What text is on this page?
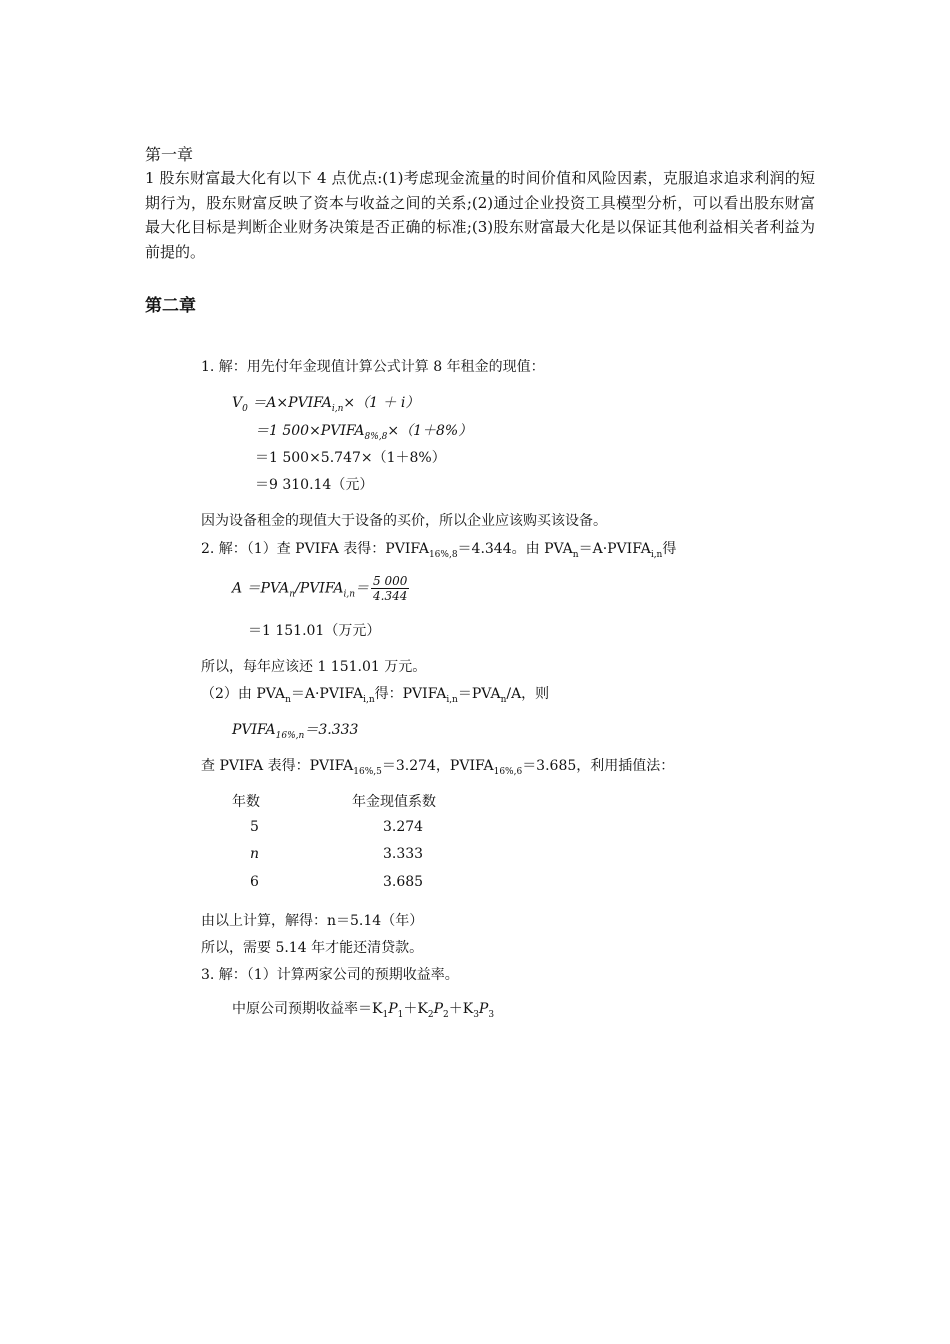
第一章
1 股东财富最大化有以下 4 点优点:(1)考虑现金流量的时间价值和风险因素，克服追求追求利润的短期行为，股东财富反映了资本与收益之间的关系;(2)通过企业投资工具模型分析，可以看出股东财富最大化目标是判断企业财务决策是否正确的标准;(3)股东财富最大化是以保证其他利益相关者利益为前提的。
第二章
1. 解：用先付年金现值计算公式计算 8 年租金的现值：
$V_0$ $=A\times PVIFA_{i,n}\times(1 + i)$
＝1 $500\times PVIFA_{8\%,8}\times(1+8\%)$
＝1 500×5.747×（1＋8%）
＝9 310.14（元）
因为设备租金的现值大于设备的买价，所以企业应该购买该设备。
2. 解：（1）查 PVIFA 表得：$PVIFA_{16\%,8}=4.344$。由 $PVA_n=A\cdot PVIFA_{i,n}$得
$A =PVA_n/PVIFA_{i,n}= \frac{5 000}{4.344}$
＝1 151.01（万元）
所以，每年应该还 1 151.01 万元。
（2）由 $PVA_n=A\cdot PVIFA_{i,n}$得：$PVIFA_{i,n}=PVA_n/A$，则
$PVIFA_{16\%,n}=3.333$
查 PVIFA 表得：$PVIFA_{16\%,5}=3.274$，$PVIFA_{16\%,6}=3.685$，利用插值法：
年数	年金现值系数
5	3.274
n	3.333
6	3.685
由以上计算，解得：n＝5.14（年）
所以，需要 5.14 年才能还清贷款。
3. 解：（1）计算两家公司的预期收益率。
中原公司预期收益率$=K_1P_1+K_2P_2+K_3P_3$
